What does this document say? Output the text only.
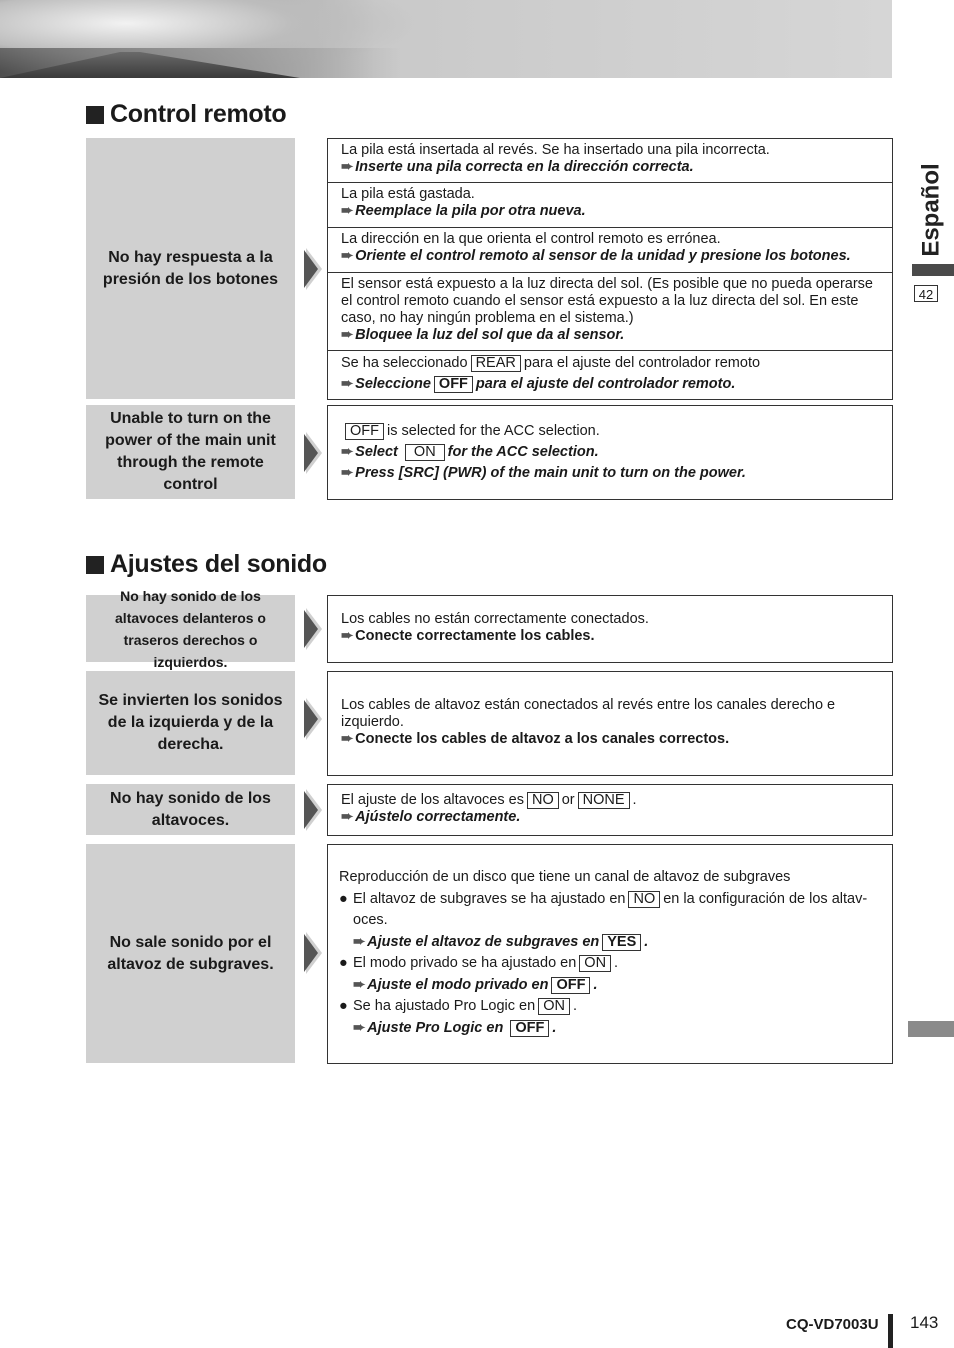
Control remoto
No hay respuesta a la presión de los botones
La pila está insertada al revés. Se ha insertado una pila incorrecta.
➨ Inserte una pila correcta en la dirección correcta.
La pila está gastada.
➨ Reemplace la pila por otra nueva.
La dirección en la que orienta el control remoto es errónea.
➨ Oriente el control remoto al sensor de la unidad y presione los botones.
El sensor está expuesto a la luz directa del sol. (Es posible que no pueda operarse el control remoto cuando el sensor está expuesto a la luz directa del sol. En este caso, no hay ningún problema en el sistema.)
➨ Bloquee la luz del sol que da al sensor.
Se ha seleccionado REAR para el ajuste del controlador remoto
➨ Seleccione OFF para el ajuste del controlador remoto.
Unable to turn on the power of the main unit through the remote control
OFF is selected for the ACC selection.
➨ Select ON for the ACC selection.
➨ Press [SRC] (PWR) of the main unit to turn on the power.
Ajustes del sonido
No hay sonido de los altavoces delanteros o traseros derechos o izquierdos.
Los cables no están correctamente conectados.
➨ Conecte correctamente los cables.
Se invierten los sonidos de la izquierda y de la derecha.
Los cables de altavoz están conectados al revés entre los canales derecho e izquierdo.
➨ Conecte los cables de altavoz a los canales correctos.
No hay sonido de los altavoces.
El ajuste de los altavoces es NO or NONE .
➨ Ajústelo correctamente.
No sale sonido por el altavoz de subgraves.
Reproducción de un disco que tiene un canal de altavoz de subgraves
● El altavoz de subgraves se ha ajustado en NO en la configuración de los altav-oces.
➨ Ajuste el altavoz de subgraves en YES .
● El modo privado se ha ajustado en ON .
➨ Ajuste el modo privado en OFF .
● Se ha ajustado Pro Logic en ON .
➨ Ajuste Pro Logic en OFF .
Español
42
CQ-VD7003U 143
